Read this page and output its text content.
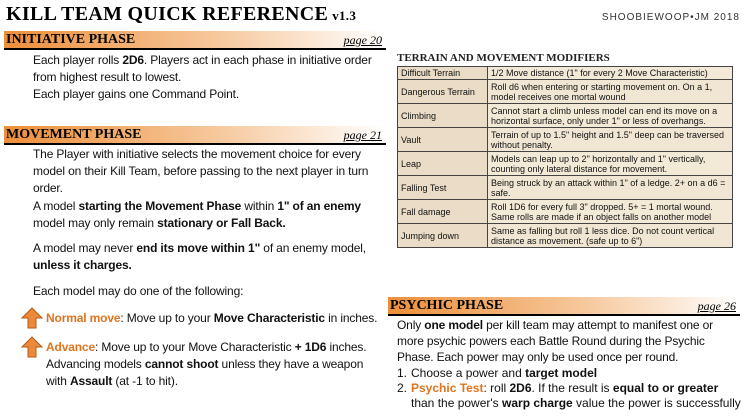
KILL TEAM QUICK REFERENCE v1.3	SHOOBIEWOOP•JM 2018
INITIATIVE PHASE	page 20
Each player rolls 2D6. Players act in each phase in initiative order from highest result to lowest.
Each player gains one Command Point.
MOVEMENT PHASE	page 21
The Player with initiative selects the movement choice for every model on their Kill Team, before passing to the next player in turn order.
A model starting the Movement Phase within 1" of an enemy model may only remain stationary or Fall Back.
A model may never end its move within 1" of an enemy model, unless it charges.
Each model may do one of the following:
Normal move: Move up to your Move Characteristic in inches.
Advance: Move up to your Move Characteristic + 1D6 inches. Advancing models cannot shoot unless they have a weapon with Assault (at -1 to hit).
TERRAIN AND MOVEMENT MODIFIERS
Difficult Terrain	1/2 Move distance (1" for every 2 Move Characteristic)
Dangerous Terrain	Roll d6 when entering or starting movement on. On a 1, model receives one mortal wound
Climbing	Cannot start a climb unless model can end its move on a horizontal surface, only under 1" or less of overhangs.
Vault	Terrain of up to 1.5" height and 1.5" deep can be traversed without penalty.
Leap	Models can leap up to 2" horizontally and 1" vertically, counting only lateral distance for movement.
Falling Test	Being struck by an attack within 1" of a ledge. 2+ on a d6 = safe.
Fall damage	Roll 1D6 for every full 3" dropped. 5+ = 1 mortal wound. Same rolls are made if an object falls on another model
Jumping down	Same as falling but roll 1 less dice. Do not count vertical distance as movement. (safe up to 6")
PSYCHIC PHASE	page 26
Only one model per kill team may attempt to manifest one or more psychic powers each Battle Round during the Psychic Phase. Each power may only be used once per round.
1. Choose a power and target model
2. Psychic Test: roll 2D6. If the result is equal to or greater than the power's warp charge value the power is successfully
